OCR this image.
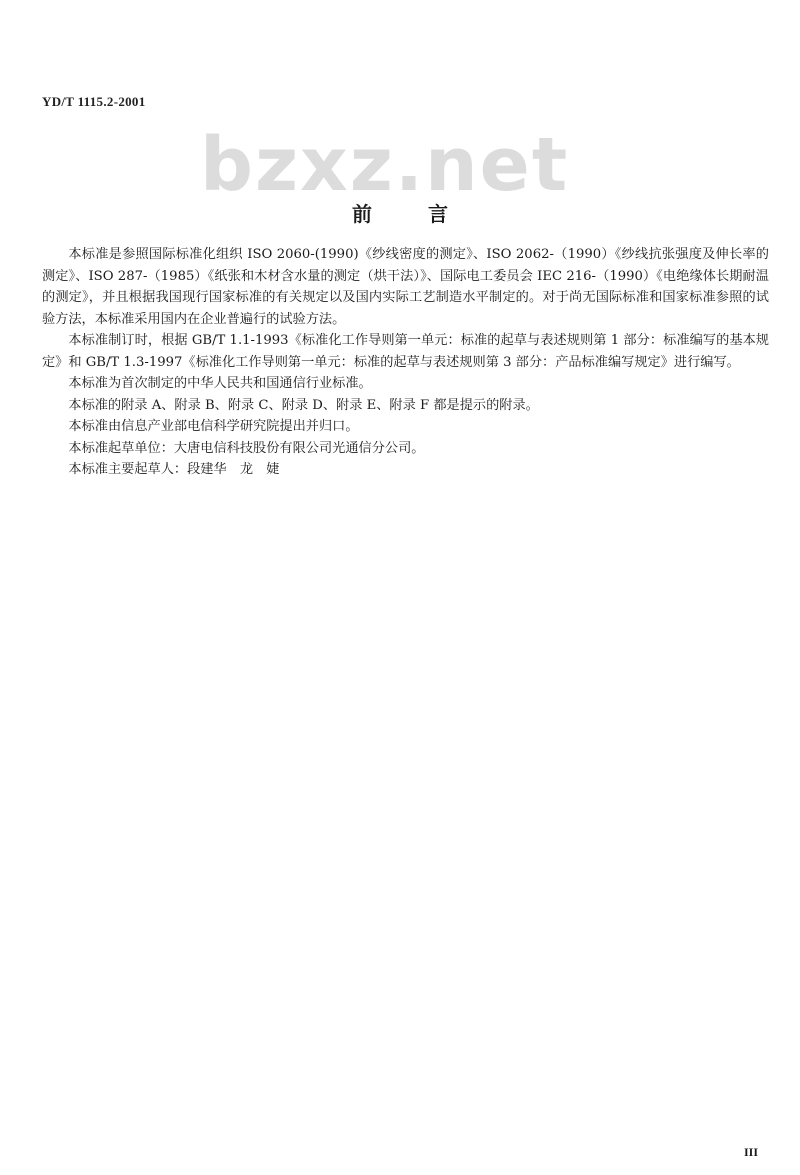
YD/T 1115.2-2001
bzxz.net
前言

本标准是参照国际标准化组织 ISO 2060-(1990)《纱线密度的测定》、ISO 2062-（1990）《纱线抗张强度及伸长率的测定》、ISO 287-（1985）《纸张和木材含水量的测定（烘干法）》、国际电工委员会 IEC 216-（1990）《电绝缘体长期耐温的测定》，并且根据我国现行国家标准的有关规定以及国内实际工艺制造水平制定的。对于尚无国际标准和国家标准参照的试验方法，本标准采用国内在企业普遍行的试验方法。

本标准制订时，根据 GB/T 1.1-1993《标准化工作导则第一单元：标准的起草与表述规则第 1 部分：标准编写的基本规定》和 GB/T 1.3-1997《标准化工作导则第一单元：标准的起草与表述规则第 3 部分：产品标准编写规定》进行编写。

本标准为首次制定的中华人民共和国通信行业标准。

本标准的附录 A、附录 B、附录 C、附录 D、附录 E、附录 F 都是提示的附录。

本标准由信息产业部电信科学研究院提出并归口。

本标准起草单位：大唐电信科技股份有限公司光通信分公司。

本标准主要起草人：段建华　龙　婕

III
